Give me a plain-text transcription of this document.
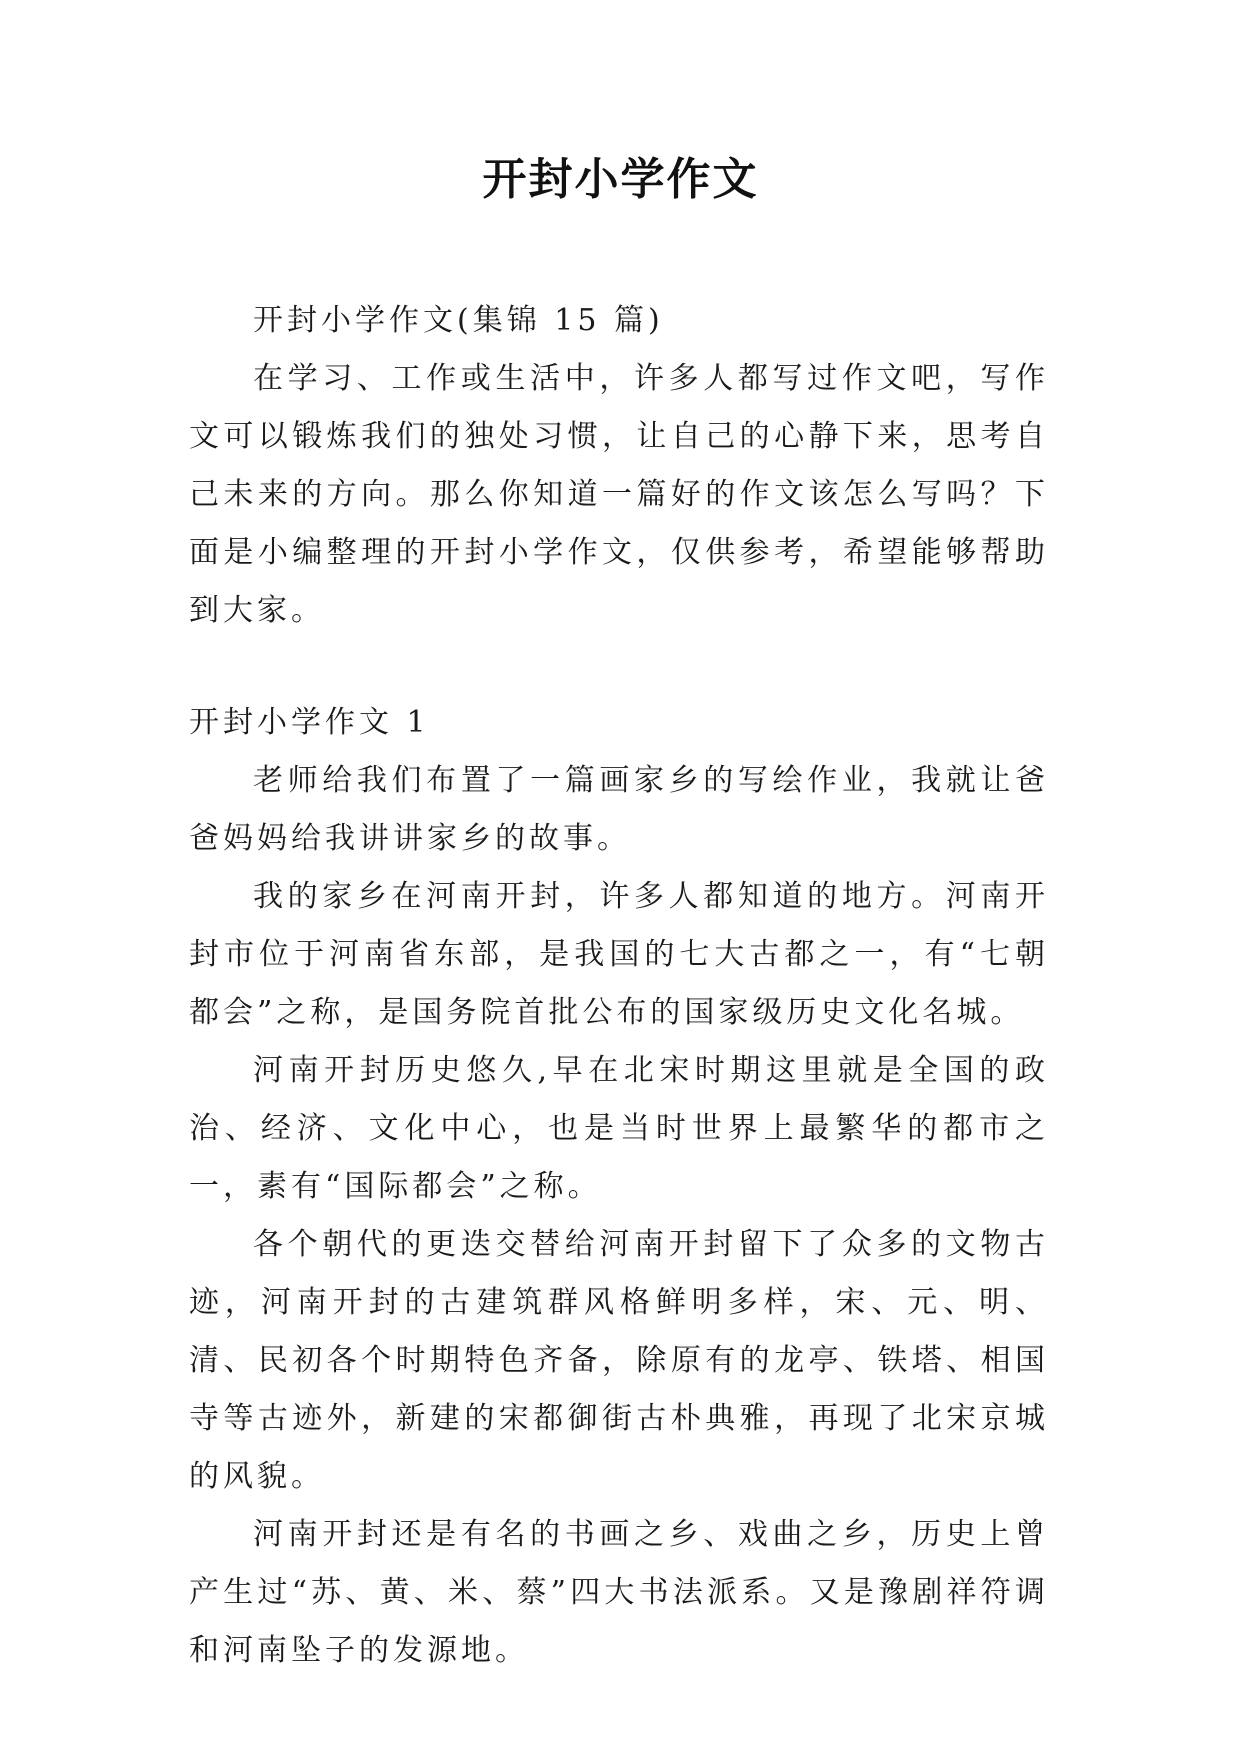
开封小学作文

开封小学作文(集锦 15 篇)

在学习、工作或生活中，许多人都写过作文吧，写作文可以锻炼我们的独处习惯，让自己的心静下来，思考自己未来的方向。那么你知道一篇好的作文该怎么写吗？下面是小编整理的开封小学作文，仅供参考，希望能够帮助到大家。

开封小学作文 1

老师给我们布置了一篇画家乡的写绘作业，我就让爸爸妈妈给我讲讲家乡的故事。

我的家乡在河南开封，许多人都知道的地方。河南开封市位于河南省东部，是我国的七大古都之一，有“七朝都会”之称，是国务院首批公布的国家级历史文化名城。

河南开封历史悠久,早在北宋时期这里就是全国的政治、经济、文化中心，也是当时世界上最繁华的都市之一，素有“国际都会”之称。

各个朝代的更迭交替给河南开封留下了众多的文物古迹，河南开封的古建筑群风格鲜明多样，宋、元、明、清、民初各个时期特色齐备，除原有的龙亭、铁塔、相国寺等古迹外，新建的宋都御街古朴典雅，再现了北宋京城的风貌。

河南开封还是有名的书画之乡、戏曲之乡，历史上曾产生过“苏、黄、米、蔡”四大书法派系。又是豫剧祥符调和河南坠子的发源地。
